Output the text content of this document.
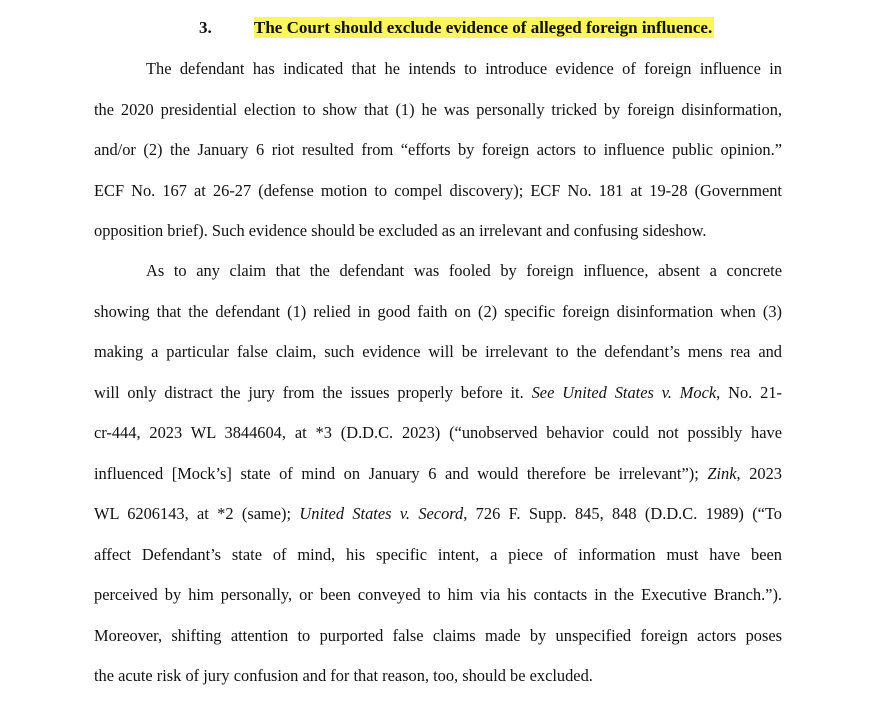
3. The Court should exclude evidence of alleged foreign influence.
The defendant has indicated that he intends to introduce evidence of foreign influence in
the 2020 presidential election to show that (1) he was personally tricked by foreign disinformation,
and/or (2) the January 6 riot resulted from “efforts by foreign actors to influence public opinion.”
ECF No. 167 at 26-27 (defense motion to compel discovery); ECF No. 181 at 19-28 (Government
opposition brief). Such evidence should be excluded as an irrelevant and confusing sideshow.
As to any claim that the defendant was fooled by foreign influence, absent a concrete
showing that the defendant (1) relied in good faith on (2) specific foreign disinformation when (3)
making a particular false claim, such evidence will be irrelevant to the defendant’s mens rea and
will only distract the jury from the issues properly before it. See United States v. Mock, No. 21-
cr-444, 2023 WL 3844604, at *3 (D.D.C. 2023) (“unobserved behavior could not possibly have
influenced [Mock’s] state of mind on January 6 and would therefore be irrelevant”); Zink, 2023
WL 6206143, at *2 (same); United States v. Secord, 726 F. Supp. 845, 848 (D.D.C. 1989) (“To
affect Defendant’s state of mind, his specific intent, a piece of information must have been
perceived by him personally, or been conveyed to him via his contacts in the Executive Branch.”).
Moreover, shifting attention to purported false claims made by unspecified foreign actors poses
the acute risk of jury confusion and for that reason, too, should be excluded.
